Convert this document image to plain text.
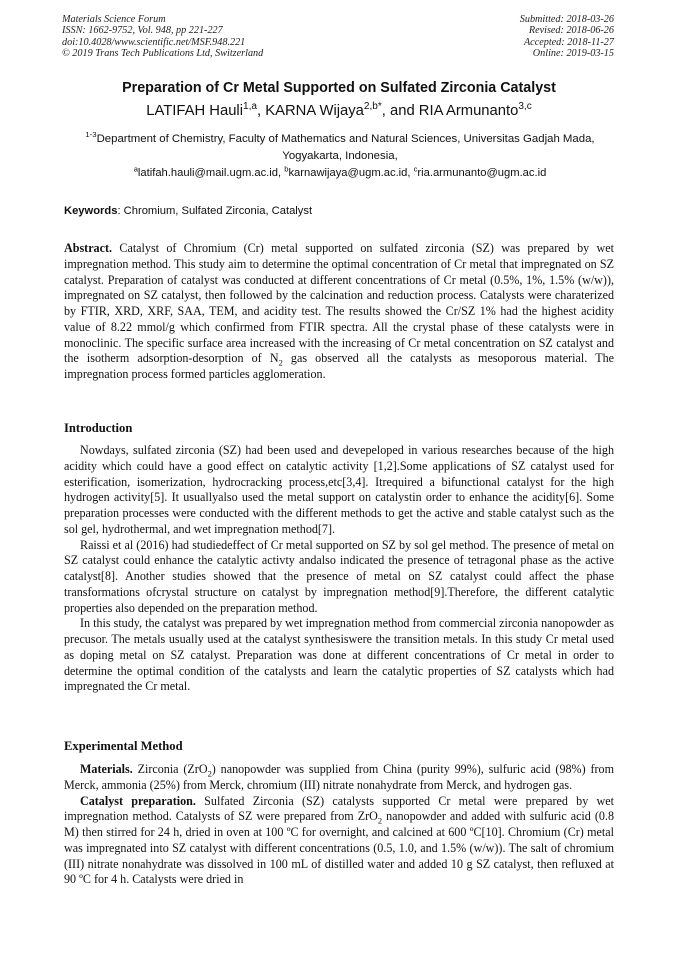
Materials Science Forum
ISSN: 1662-9752, Vol. 948, pp 221-227
doi:10.4028/www.scientific.net/MSF.948.221
© 2019 Trans Tech Publications Ltd, Switzerland
Submitted: 2018-03-26
Revised: 2018-06-26
Accepted: 2018-11-27
Online: 2019-03-15
Preparation of Cr Metal Supported on Sulfated Zirconia Catalyst
LATIFAH Hauli$^{1,a}$, KARNA Wijaya$^{2,b*}$, and RIA Armunanto$^{3,c}$
$^{1-3}$Department of Chemistry, Faculty of Mathematics and Natural Sciences, Universitas Gadjah Mada, Yogyakarta, Indonesia,
$^a$latifah.hauli@mail.ugm.ac.id, $^b$karnawijaya@ugm.ac.id, $^c$ria.armunanto@ugm.ac.id
Keywords: Chromium, Sulfated Zirconia, Catalyst

Abstract. Catalyst of Chromium (Cr) metal supported on sulfated zirconia (SZ) was prepared by wet impregnation method. This study aim to determine the optimal concentration of Cr metal that impregnated on SZ catalyst. Preparation of catalyst was conducted at different concentrations of Cr metal (0.5%, 1%, 1.5% (w/w)), impregnated on SZ catalyst, then followed by the calcination and reduction process. Catalysts were charaterized by FTIR, XRD, XRF, SAA, TEM, and acidity test. The results showed the Cr/SZ 1% had the highest acidity value of 8.22 mmol/g which confirmed from FTIR spectra. All the crystal phase of these catalysts were in monoclinic. The specific surface area increased with the increasing of Cr metal concentration on SZ catalyst and the isotherm adsorption-desorption of $N_2$ gas observed all the catalysts as mesoporous material. The impregnation process formed particles agglomeration.

Introduction

Nowdays, sulfated zirconia (SZ) had been used and devepeloped in various researches because of the high acidity which could have a good effect on catalytic activity [1,2].Some applications of SZ catalyst used for esterification, isomerization, hydrocracking process,etc[3,4]. Itrequired a bifunctional catalyst for the high hydrogen activity[5]. It usuallyalso used the metal support on catalystin order to enhance the acidity[6]. Some preparation processes were conducted with the different methods to get the active and stable catalyst such as the sol gel, hydrothermal, and wet impregnation method[7].

Raissi et al (2016) had studiedeffect of Cr metal supported on SZ by sol gel method. The presence of metal on SZ catalyst could enhance the catalytic activty andalso indicated the presence of tetragonal phase as the active catalyst[8]. Another studies showed that the presence of metal on SZ catalyst could affect the phase transformations ofcrystal structure on catalyst by impregnation method[9].Therefore, the different catalytic properties also depended on the preparation method.

In this study, the catalyst was prepared by wet impregnation method from commercial zirconia nanopowder as precusor. The metals usually used at the catalyst synthesiswere the transition metals. In this study Cr metal used as doping metal on SZ catalyst. Preparation was done at different concentrations of Cr metal in order to determine the optimal condition of the catalysts and learn the catalytic properties of SZ catalysts which had impregnated the Cr metal.

Experimental Method

Materials. Zirconia (ZrO$_2$) nanopowder was supplied from China (purity 99%), sulfuric acid (98%) from Merck, ammonia (25%) from Merck, chromium (III) nitrate nonahydrate from Merck, and hydrogen gas.

Catalyst preparation. Sulfated Zirconia (SZ) catalysts supported Cr metal were prepared by wet impregnation method. Catalysts of SZ were prepared from ZrO$_2$ nanopowder and added with sulfuric acid (0.8 M) then stirred for 24 h, dried in oven at 100 ºC for overnight, and calcined at 600 ºC[10]. Chromium (Cr) metal was impregnated into SZ catalyst with different concentrations (0.5, 1.0, and 1.5% (w/w)). The salt of chromium (III) nitrate nonahydrate was dissolved in 100 mL of distilled water and added 10 g SZ catalyst, then refluxed at 90 ºC for 4 h. Catalysts were dried in
